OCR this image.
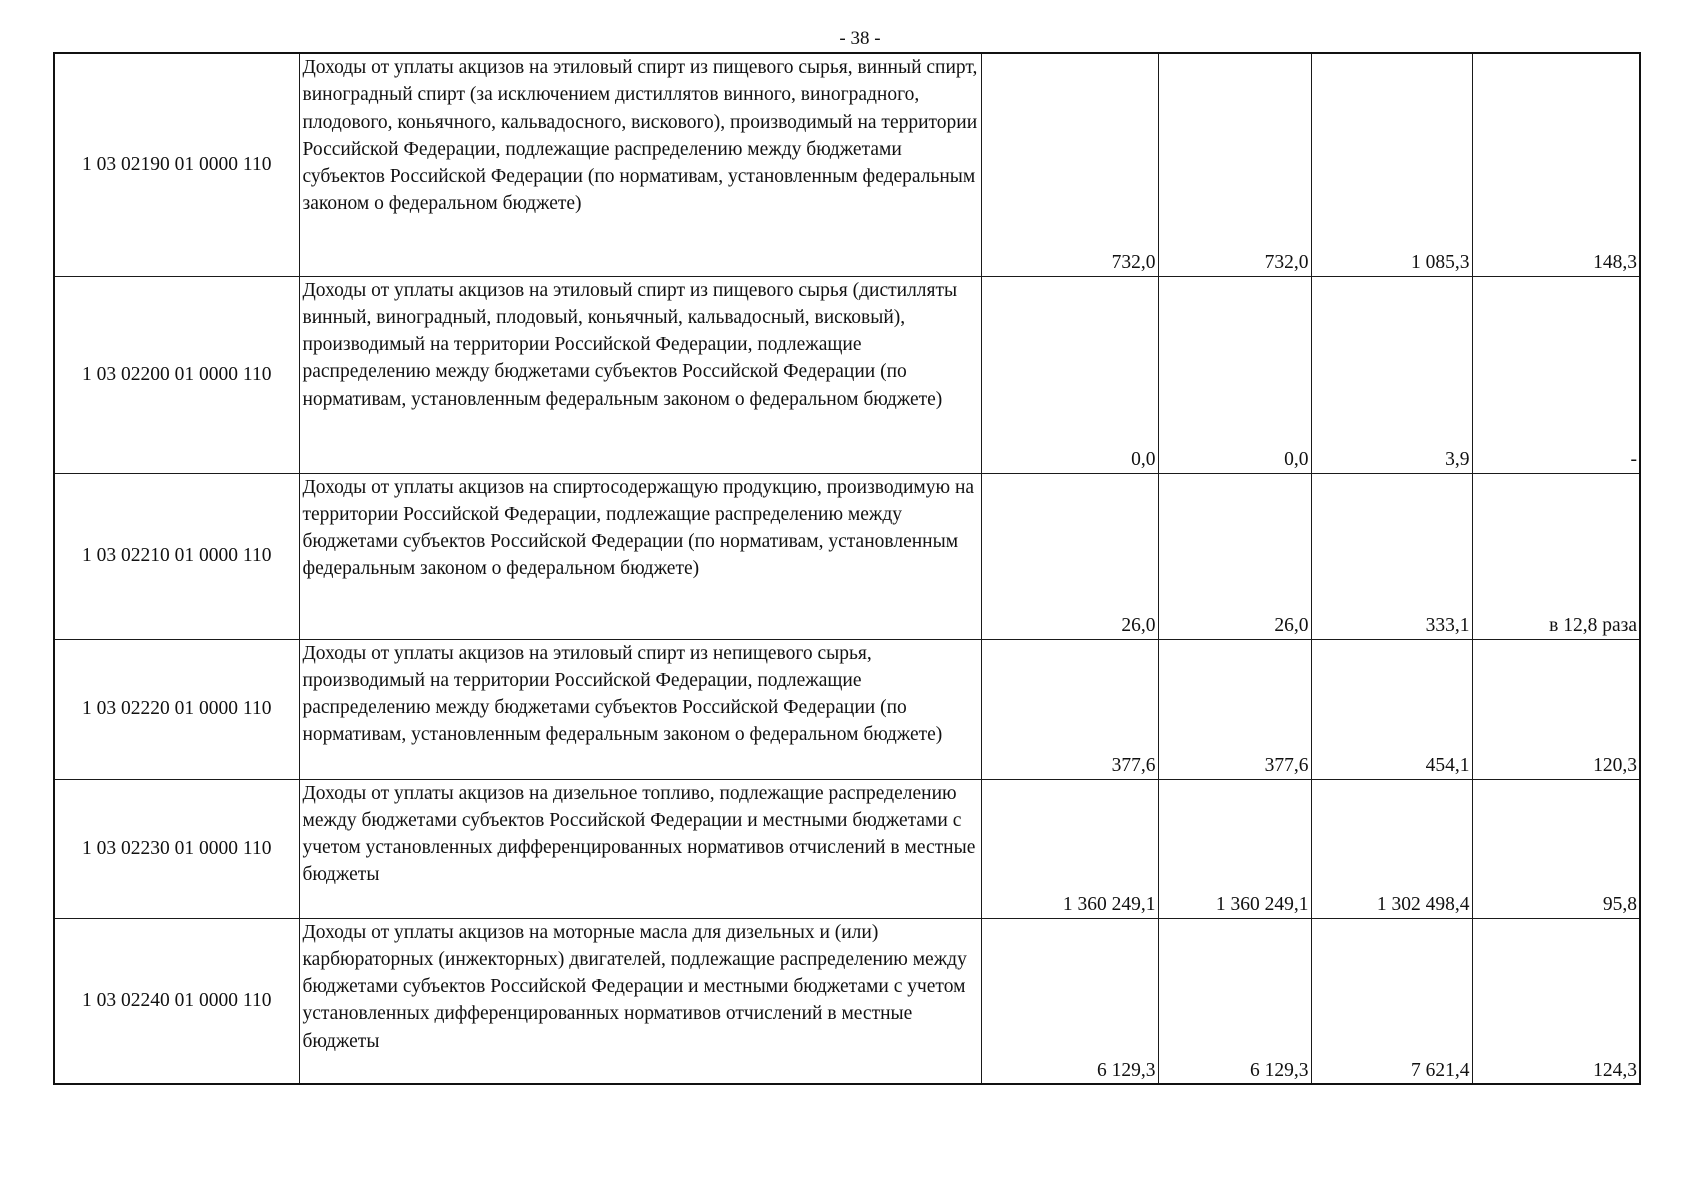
- 38 -
1 03 02190 01 0000 110	Доходы от уплаты акцизов на этиловый спирт из пищевого сырья, винный спирт, виноградный спирт (за исключением дистиллятов винного, виноградного, плодового, коньячного, кальвадосного, вискового), производимый на территории Российской Федерации, подлежащие распределению между бюджетами субъектов Российской Федерации (по нормативам, установленным федеральным законом о федеральном бюджете)	732,0	732,0	1 085,3	148,3
1 03 02200 01 0000 110	Доходы от уплаты акцизов на этиловый спирт из пищевого сырья (дистилляты винный, виноградный, плодовый, коньячный, кальвадосный, висковый), производимый на территории Российской Федерации, подлежащие распределению между бюджетами субъектов Российской Федерации (по нормативам, установленным федеральным законом о федеральном бюджете)	0,0	0,0	3,9	-
1 03 02210 01 0000 110	Доходы от уплаты акцизов на спиртосодержащую продукцию, производимую на территории Российской Федерации, подлежащие распределению между бюджетами субъектов Российской Федерации (по нормативам, установленным федеральным законом о федеральном бюджете)	26,0	26,0	333,1	в 12,8 раза
1 03 02220 01 0000 110	Доходы от уплаты акцизов на этиловый спирт из непищевого сырья, производимый на территории Российской Федерации, подлежащие распределению между бюджетами субъектов Российской Федерации (по нормативам, установленным федеральным законом о федеральном бюджете)	377,6	377,6	454,1	120,3
1 03 02230 01 0000 110	Доходы от уплаты акцизов на дизельное топливо, подлежащие распределению между бюджетами субъектов Российской Федерации и местными бюджетами с учетом установленных дифференцированных нормативов отчислений в местные бюджеты	1 360 249,1	1 360 249,1	1 302 498,4	95,8
1 03 02240 01 0000 110	Доходы от уплаты акцизов на моторные масла для дизельных и (или) карбюраторных (инжекторных) двигателей, подлежащие распределению между бюджетами субъектов Российской Федерации и местными бюджетами с учетом установленных дифференцированных нормативов отчислений в местные бюджеты	6 129,3	6 129,3	7 621,4	124,3
